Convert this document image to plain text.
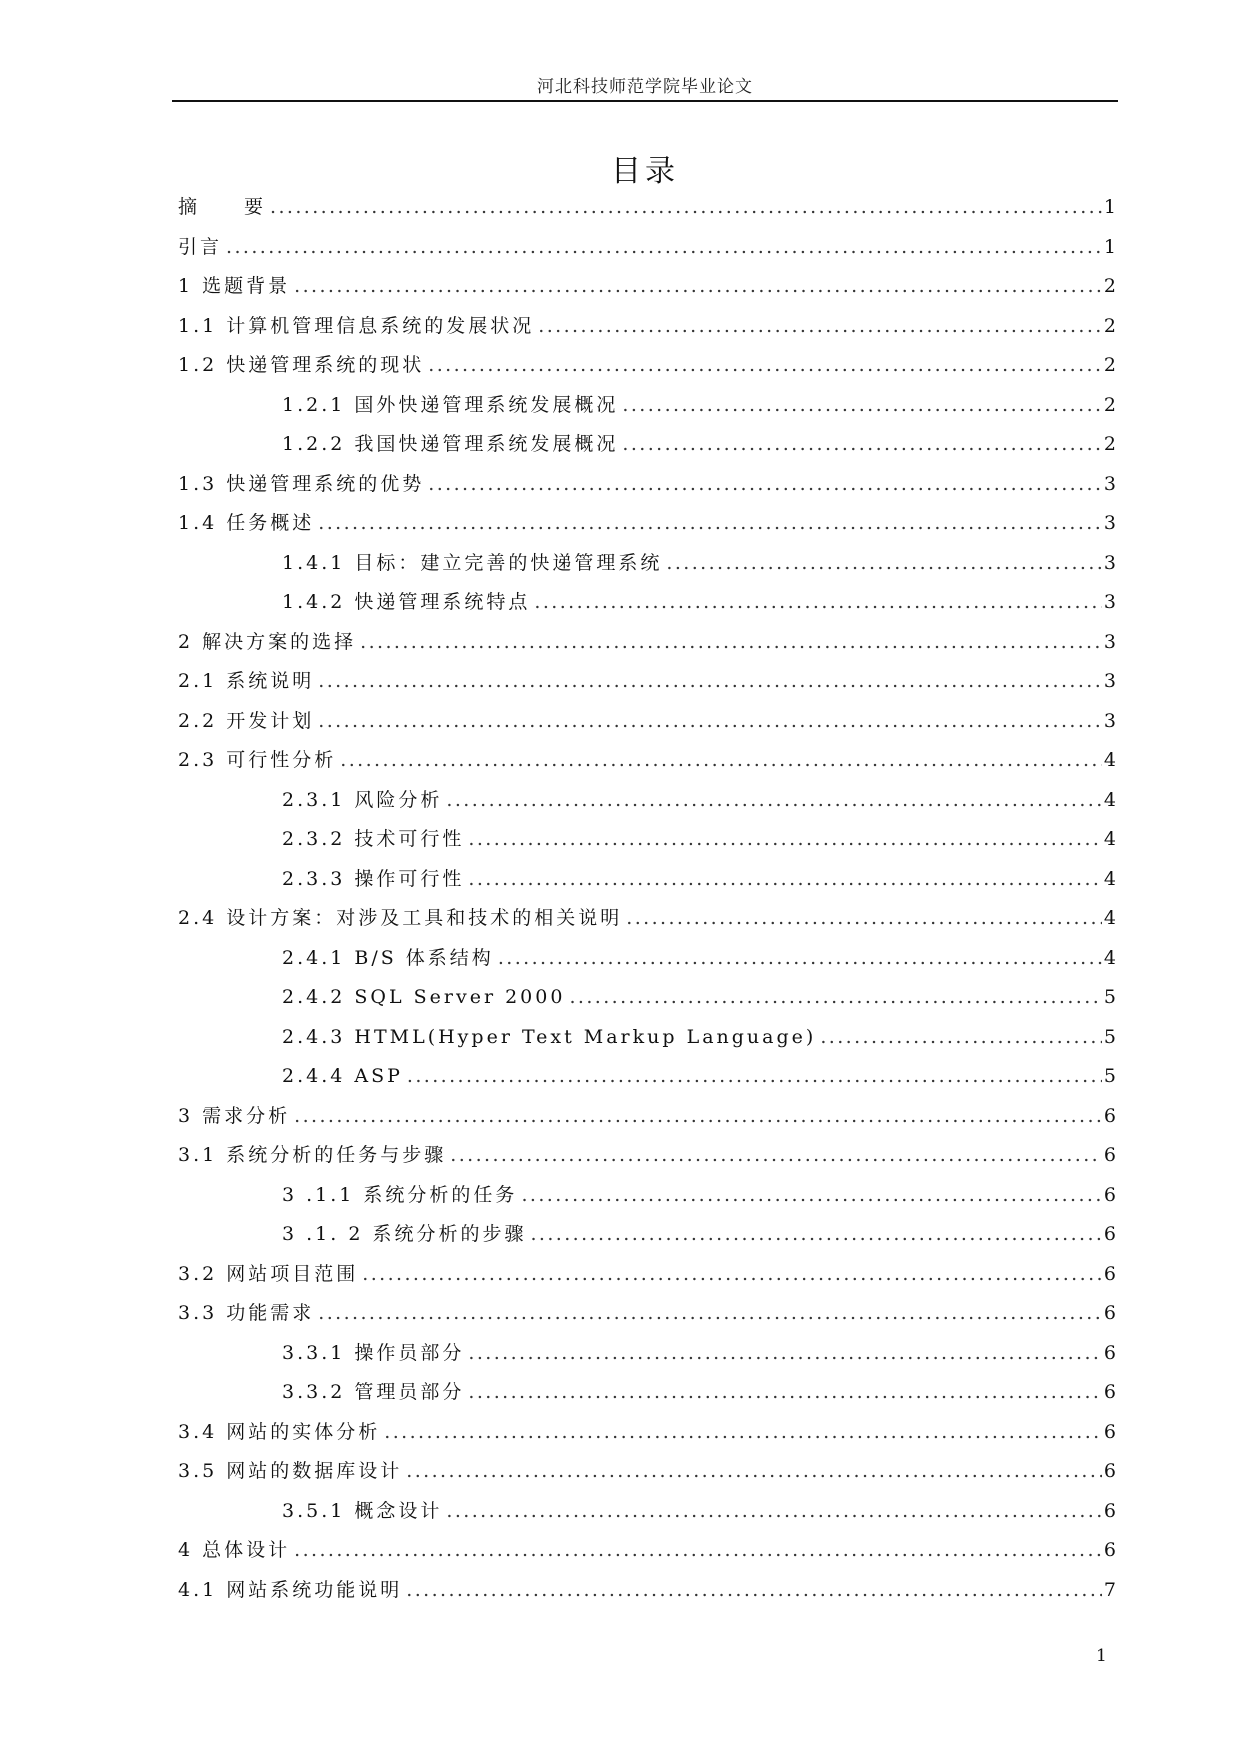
河北科技师范学院毕业论文
目录
摘　　要 .....	1
引言 .....	1
1 选题背景 .....	2
1.1 计算机管理信息系统的发展状况 .....	2
1.2 快递管理系统的现状 .....	2
1.2.1 国外快递管理系统发展概况 .....	2
1.2.2 我国快递管理系统发展概况 .....	2
1.3 快递管理系统的优势 .....	3
1.4 任务概述 .....	3
1.4.1 目标：建立完善的快递管理系统 .....	3
1.4.2 快递管理系统特点 .....	3
2 解决方案的选择 .....	3
2.1 系统说明 .....	3
2.2 开发计划 .....	3
2.3 可行性分析 .....	4
2.3.1 风险分析 .....	4
2.3.2 技术可行性 .....	4
2.3.3 操作可行性 .....	4
2.4 设计方案：对涉及工具和技术的相关说明 .....	4
2.4.1 B/S 体系结构 .....	4
2.4.2 SQL Server 2000 .....	5
2.4.3 HTML(Hyper Text Markup Language) .....	5
2.4.4 ASP .....	5
3 需求分析 .....	6
3.1 系统分析的任务与步骤 .....	6
3 .1.1 系统分析的任务 .....	6
3 .1. 2 系统分析的步骤 .....	6
3.2 网站项目范围 .....	6
3.3 功能需求 .....	6
3.3.1 操作员部分 .....	6
3.3.2 管理员部分 .....	6
3.4 网站的实体分析 .....	6
3.5 网站的数据库设计 .....	6
3.5.1 概念设计 .....	6
4 总体设计 .....	6
4.1 网站系统功能说明 .....	7
1
